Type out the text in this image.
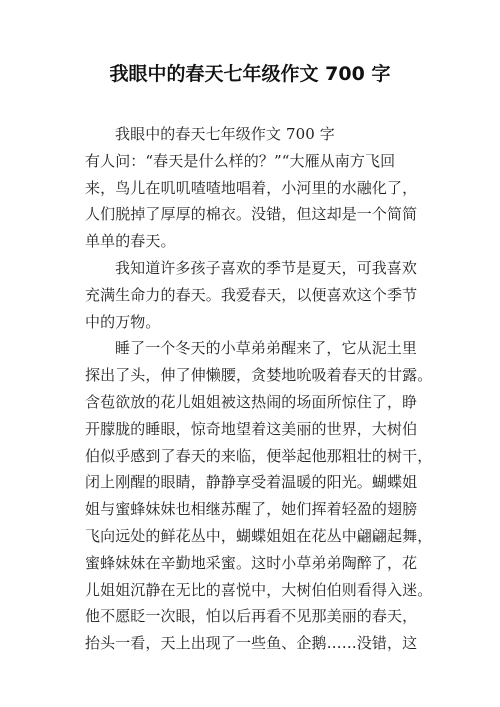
我眼中的春天七年级作文 700 字
我眼中的春天七年级作文 700 字
有人问：“春天是什么样的？”“大雁从南方飞回
来，鸟儿在叽叽喳喳地唱着，小河里的水融化了，
人们脱掉了厚厚的棉衣。没错，但这却是一个简简
单单的春天。
我知道许多孩子喜欢的季节是夏天，可我喜欢
充满生命力的春天。我爱春天，以便喜欢这个季节
中的万物。
睡了一个冬天的小草弟弟醒来了，它从泥土里
探出了头，伸了伸懒腰，贪婪地吮吸着春天的甘露。
含苞欲放的花儿姐姐被这热闹的场面所惊住了，睁
开朦胧的睡眼，惊奇地望着这美丽的世界，大树伯
伯似乎感到了春天的来临，便举起他那粗壮的树干，
闭上刚醒的眼睛，静静享受着温暖的阳光。蝴蝶姐
姐与蜜蜂妹妹也相继苏醒了，她们挥着轻盈的翅膀
飞向远处的鲜花丛中，蝴蝶姐姐在花丛中翩翩起舞，
蜜蜂妹妹在辛勤地采蜜。这时小草弟弟陶醉了，花
儿姐姐沉静在无比的喜悦中，大树伯伯则看得入迷。
他不愿眨一次眼，怕以后再看不见那美丽的春天，
抬头一看，天上出现了一些鱼、企鹅……没错，这
